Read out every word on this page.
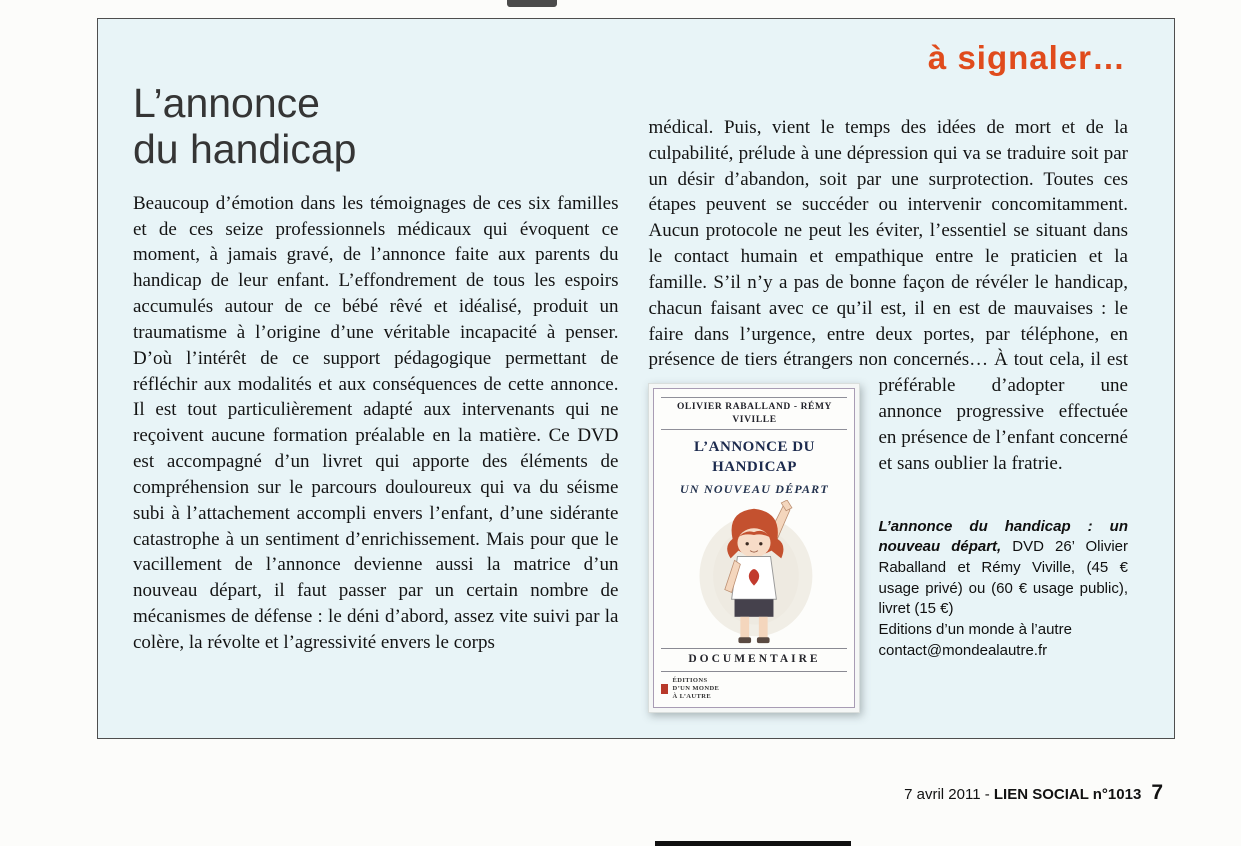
à signaler…
L’annonce
du handicap

Beaucoup d’émotion dans les témoignages de ces six familles et de ces seize professionnels médicaux qui évoquent ce moment, à jamais gravé, de l’annonce faite aux parents du handicap de leur enfant. L’effondrement de tous les espoirs accumulés autour de ce bébé rêvé et idéalisé, produit un traumatisme à l’origine d’une véritable incapacité à penser. D’où l’intérêt de ce support pédagogique permettant de réfléchir aux modalités et aux conséquences de cette annonce. Il est tout particulièrement adapté aux intervenants qui ne reçoivent aucune formation préalable en la matière. Ce DVD est accompagné d’un livret qui apporte des éléments de compréhension sur le parcours douloureux qui va du séisme subi à l’attachement accompli envers l’enfant, d’une sidérante catastrophe à un sentiment d’enrichissement. Mais pour que le vacillement de l’annonce devienne aussi la matrice d’un nouveau départ, il faut passer par un certain nombre de mécanismes de défense : le déni d’abord, assez vite suivi par la colère, la révolte et l’agressivité envers le corps

médical. Puis, vient le temps des idées de mort et de la culpabilité, prélude à une dépression qui va se traduire soit par un désir d’abandon, soit par une surprotection. Toutes ces étapes peuvent se succéder ou intervenir concomitamment. Aucun protocole ne peut les éviter, l’essentiel se situant dans le contact humain et empathique entre le praticien et la famille. S’il n’y a pas de bonne façon de révéler le handicap, chacun faisant avec ce qu’il est, il en est de mauvaises : le faire dans l’urgence, entre deux portes, par téléphone, en présence de tiers étrangers non concernés… À tout
OLIVIER RABALLAND - RÉMY VIVILLE
L’ANNONCE DU HANDICAP
UN NOUVEAU DÉPART
DOCUMENTAIRE
ÉDITIONS
D’UN MONDE
À L’AUTRE
cela, il est préférable d’adopter une annonce progressive effectuée en présence de l’enfant concerné et sans oublier la fratrie.
L’annonce du handicap : un nouveau départ, DVD 26’ Olivier Raballand et Rémy Viville, (45 € usage privé) ou (60 € usage public), livret (15 €)
Editions d’un monde à l’autre
contact@mondealautre.fr
7 avril 2011 - LIEN SOCIAL n°1013 7
